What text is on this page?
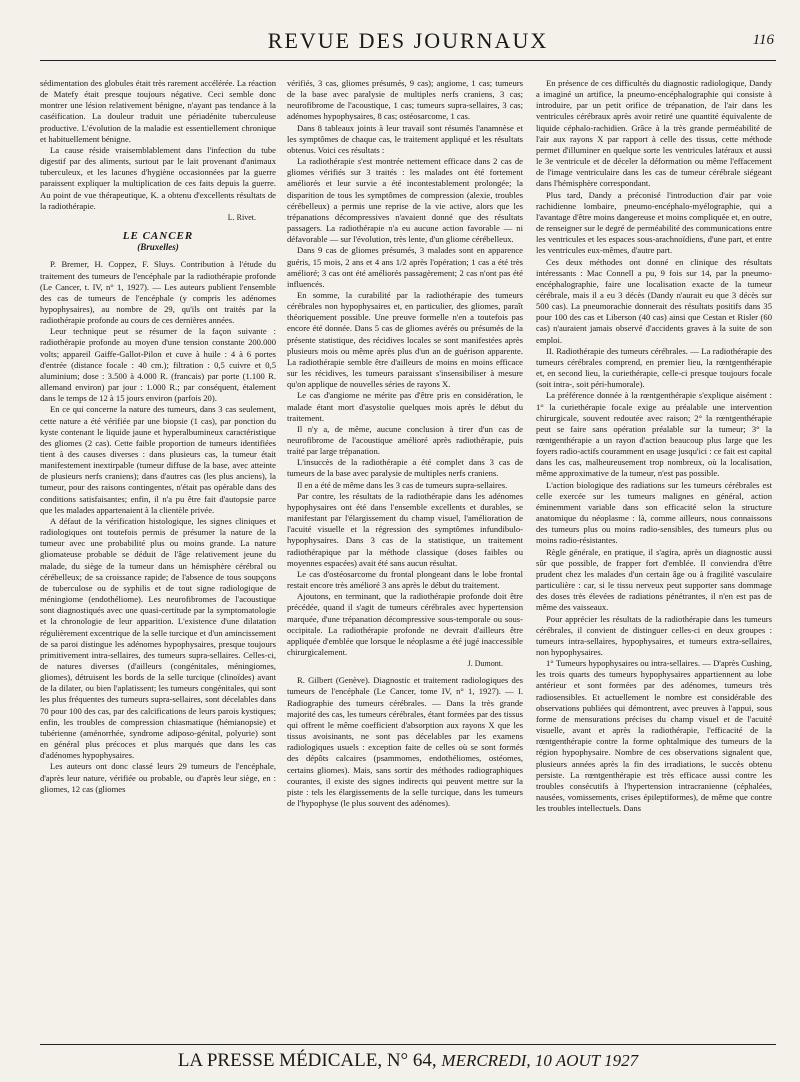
REVUE DES JOURNAUX	116

sédimentation des globules était très rarement accélérée. La réaction de Matefy était presque toujours négative. Ceci semble donc montrer une lésion relativement bénigne, n'ayant pas tendance à la caséification. La douleur traduit une périadénite tuberculeuse productive. L'évolution de la maladie est essentiellement chronique et habituellement bénigne.

La cause réside vraisemblablement dans l'infection du tube digestif par des aliments, surtout par le lait provenant d'animaux tuberculeux, et les lacunes d'hygiène occasionnées par la guerre paraissent expliquer la multiplication de ces faits depuis la guerre. Au point de vue thérapeutique, K. a obtenu d'excellents résultats de la radiothérapie.

L. Rivet.
LE CANCER
(Bruxelles)

P. Bremer, H. Coppez, F. Sluys. Contribution à l'étude du traitement des tumeurs de l'encéphale par la radiothérapie profonde (Le Cancer, t. IV, n° 1, 1927). — Les auteurs publient l'ensemble des cas de tumeurs de l'encéphale (y compris les adénomes hypophysaires), au nombre de 29, qu'ils ont traités par la radiothérapie profonde au cours de ces dernières années.

Leur technique peut se résumer de la façon suivante : radiothérapie profonde au moyen d'une tension constante 200.000 volts; appareil Gaiffe-Gallot-Pilon et cuve à huile : 4 à 6 portes d'entrée (distance focale : 40 cm.); filtration : 0,5 cuivre et 0,5 aluminium; dose : 3.500 à 4.000 R. (francais) par porte (1.100 R. allemand environ) par jour : 1.000 R.; par conséquent, étalement dans le temps de 12 à 15 jours environ (parfois 20).

En ce qui concerne la nature des tumeurs, dans 3 cas seulement, cette nature a été vérifiée par une biopsie (1 cas), par ponction du kyste contenant le liquide jaune et hyperalbumineux caractéristique des gliomes (2 cas). Cette faible proportion de tumeurs identifiées tient à des causes diverses : dans plusieurs cas, la tumeur était manifestement inextirpable (tumeur diffuse de la base, avec atteinte de plusieurs nerfs craniens); dans d'autres cas (les plus anciens), la tumeur, pour des raisons contingentes, n'était pas opérable dans des conditions satisfaisantes; enfin, il n'a pu être fait d'autopsie parce que les malades appartenaient à la clientèle privée.

A défaut de la vérification histologique, les signes cliniques et radiologiques ont toutefois permis de présumer la nature de la tumeur avec une probabilité plus ou moins grande. La nature gliomateuse probable se déduit de l'âge relativement jeune du malade, du siège de la tumeur dans un hémisphère cérébral ou cérébelleux; de sa croissance rapide; de l'absence de tous soupçons de tuberculose ou de syphilis et de tout signe radiologique de méningiome (endothéliome). Les neurofibromes de l'acoustique sont diagnostiqués avec une quasi-certitude par la symptomatologie et la chronologie de leur apparition. L'existence d'une dilatation régulièrement excentrique de la selle turcique et d'un amincissement de sa paroi distingue les adénomes hypophysaires, presque toujours primitivement intra-sellaires, des tumeurs supra-sellaires. Celles-ci, de natures diverses (d'ailleurs (congénitales, méningiomes, gliomes), détruisent les bords de la selle turcique (clinoïdes) avant de la dilater, ou bien l'aplatissent; les tumeurs congénitales, qui sont les plus fréquentes des tumeurs supra-sellaires, sont décelables dans 70 pour 100 des cas, par des calcifications de leurs parois kystiques; enfin, les troubles de compression chiasmatique (hémianopsie) et tubérienne (aménorrhée, syndrome adiposo-génital, polyurie) sont en général plus précoces et plus marqués que dans les cas d'adénomes hypophysaires.

Les auteurs ont donc classé leurs 29 tumeurs de l'encéphale, d'après leur nature, vérifiée ou probable, ou d'après leur siège, en : gliomes, 12 cas (gliomes

vérifiés, 3 cas, gliomes présumés, 9 cas); angiome, 1 cas; tumeurs de la base avec paralysie de multiples nerfs craniens, 3 cas; neurofibrome de l'acoustique, 1 cas; tumeurs supra-sellaires, 3 cas; adénomes hypophysaires, 8 cas; ostéosarcome, 1 cas.

Dans 8 tableaux joints à leur travail sont résumés l'anamnèse et les symptômes de chaque cas, le traitement appliqué et les résultats obtenus. Voici ces résultats :

La radiothérapie s'est montrée nettement efficace dans 2 cas de gliomes vérifiés sur 3 traités : les malades ont été fortement améliorés et leur survie a été incontestablement prolongée; la disparition de tous les symptômes de compression (alexie, troubles cérébelleux) a permis une reprise de la vie active, alors que les trépanations décompressives n'avaient donné que des résultats passagers. La radiothérapie n'a eu aucune action favorable — ni défavorable — sur l'évolution, très lente, d'un gliome cérébelleux.

Dans 9 cas de gliomes présumés, 3 malades sont en apparence guéris, 15 mois, 2 ans et 4 ans 1/2 après l'opération; 1 cas a été très amélioré; 3 cas ont été améliorés passagèrement; 2 cas n'ont pas été influencés.

En somme, la curabilité par la radiothérapie des tumeurs cérébrales non hypophysaires et, en particulier, des gliomes, paraît théoriquement possible. Une preuve formelle n'en a toutefois pas encore été donnée. Dans 5 cas de gliomes avérés ou présumés de la présente statistique, des récidives locales se sont manifestées après plusieurs mois ou même après plus d'un an de guérison apparente. La radiothérapie semble être d'ailleurs de moins en moins efficace sur les récidives, les tumeurs paraissant s'insensibiliser à mesure qu'on applique de nouvelles séries de rayons X.

Le cas d'angiome ne mérite pas d'être pris en considération, le malade étant mort d'asystolie quelques mois après le début du traitement.

Il n'y a, de même, aucune conclusion à tirer d'un cas de neurofibrome de l'acoustique amélioré après radiothérapie, puis traité par large trépanation.

L'insuccès de la radiothérapie a été complet dans 3 cas de tumeurs de la base avec paralysie de multiples nerfs craniens.

Il en a été de même dans les 3 cas de tumeurs supra-sellaires.

Par contre, les résultats de la radiothérapie dans les adénomes hypophysaires ont été dans l'ensemble excellents et durables, se manifestant par l'élargissement du champ visuel, l'amélioration de l'acuité visuelle et la régression des symptômes infundibulo-hypophysaires. Dans 3 cas de la statistique, un traitement radiothérapique par la méthode classique (doses faibles ou moyennes espacées) avait été sans aucun résultat.

Le cas d'ostéosarcome du frontal plongeant dans le lobe frontal restait encore très amélioré 3 ans après le début du traitement.

Ajoutons, en terminant, que la radiothérapie profonde doit être précédée, quand il s'agit de tumeurs cérébrales avec hypertension marquée, d'une trépanation décompressive sous-temporale ou sous-occipitale. La radiothérapie profonde ne devrait d'ailleurs être appliquée d'emblée que lorsque le néoplasme a été jugé inaccessible chirurgicalement.

J. Dumont.

R. Gilbert (Genève). Diagnostic et traitement radiologiques des tumeurs de l'encéphale (Le Cancer, tome IV, n° 1, 1927). — I. Radiographie des tumeurs cérébrales. — Dans la très grande majorité des cas, les tumeurs cérébrales, étant formées par des tissus qui offrent le même coefficient d'absorption aux rayons X que les tissus avoisinants, ne sont pas décelables par les examens radiologiques usuels : exception faite de celles où se sont formés des dépôts calcaires (psammomes, endothéliomes, ostéomes, certains gliomes). Mais, sans sortir des méthodes radiographiques courantes, il existe des signes indirects qui peuvent mettre sur la piste : tels les élargissements de la selle turcique, dans les tumeurs de l'hypophyse (le plus souvent des adénomes).

En présence de ces difficultés du diagnostic radiologique, Dandy a imaginé un artifice, la pneumo-encéphalographie qui consiste à introduire, par un petit orifice de trépanation, de l'air dans les ventricules cérébraux après avoir retiré une quantité équivalente de liquide céphalo-rachidien. Grâce à la très grande perméabilité de l'air aux rayons X par rapport à celle des tissus, cette méthode permet d'illuminer en quelque sorte les ventricules latéraux et aussi le 3e ventricule et de déceler la déformation ou même l'effacement de l'image ventriculaire dans les cas de tumeur cérébrale siégeant dans l'hémisphère correspondant.

Plus tard, Dandy a préconisé l'introduction d'air par voie rachidienne lombaire, pneumo-encéphalo-myélographie, qui a l'avantage d'être moins dangereuse et moins compliquée et, en outre, de renseigner sur le degré de perméabilité des communications entre les ventricules et les espaces sous-arachnoïdiens, d'une part, et entre les ventricules eux-mêmes, d'autre part.

Ces deux méthodes ont donné en clinique des résultats intéressants : Mac Connell a pu, 9 fois sur 14, par la pneumo-encéphalographie, faire une localisation exacte de la tumeur cérébrale, mais il a eu 3 décès (Dandy n'aurait eu que 3 décès sur 500 cas). La pneumorachie donnerait des résultats positifs dans 35 pour 100 des cas et Liberson (40 cas) ainsi que Cestan et Risler (60 cas) n'auraient jamais observé d'accidents graves à la suite de son emploi.

II. Radiothérapie des tumeurs cérébrales. — La radiothérapie des tumeurs cérébrales comprend, en premier lieu, la rœntgenthérapie et, en second lieu, la curiethérapie, celle-ci presque toujours focale (soit intra-, soit péri-humorale).

La préférence donnée à la rœntgenthérapie s'explique aisément : 1° la curiethérapie focale exige au préalable une intervention chirurgicale, souvent redoutée avec raison; 2° la rœntgenthérapie peut se faire sans opération préalable sur la tumeur; 3° la rœntgenthérapie a un rayon d'action beaucoup plus large que les foyers radio-actifs couramment en usage jusqu'ici : ce fait est capital dans les cas, malheureusement trop nombreux, où la localisation, même approximative de la tumeur, n'est pas possible.

L'action biologique des radiations sur les tumeurs cérébrales est celle exercée sur les tumeurs malignes en général, action éminemment variable dans son efficacité selon la structure anatomique du néoplasme : là, comme ailleurs, nous connaissons des tumeurs plus ou moins radio-sensibles, des tumeurs plus ou moins radio-résistantes.

Règle générale, en pratique, il s'agira, après un diagnostic aussi sûr que possible, de frapper fort d'emblée. Il conviendra d'être prudent chez les malades d'un certain âge ou à fragilité vasculaire particulière : car, si le tissu nerveux peut supporter sans dommage des doses très élevées de radiations pénétrantes, il n'en est pas de même des vaisseaux.

Pour apprécier les résultats de la radiothérapie dans les tumeurs cérébrales, il convient de distinguer celles-ci en deux groupes : tumeurs intra-sellaires, hypophysaires, et tumeurs extra-sellaires, non hypophysaires.

1° Tumeurs hypophysaires ou intra-sellaires. — D'après Cushing, les trois quarts des tumeurs hypophysaires appartiennent au lobe antérieur et sont formées par des adénomes, tumeurs très radiosensibles. Et actuellement le nombre est considérable des observations publiées qui démontrent, avec preuves à l'appui, sous forme de mensurations précises du champ visuel et de l'acuité visuelle, avant et après la radiothérapie, l'efficacité de la rœntgenthérapie contre la forme ophtalmique des tumeurs de la région hypophysaire. Nombre de ces observations signalent que, plusieurs années après la fin des irradiations, le succès obtenu persiste. La rœntgenthérapie est très efficace aussi contre les troubles consécutifs à l'hypertension intracranienne (céphalées, nausées, vomissements, crises épileptiformes), de même que contre les troubles intellectuels. Dans

LA PRESSE MÉDICALE, N° 64, MERCREDI, 10 AOUT 1927
